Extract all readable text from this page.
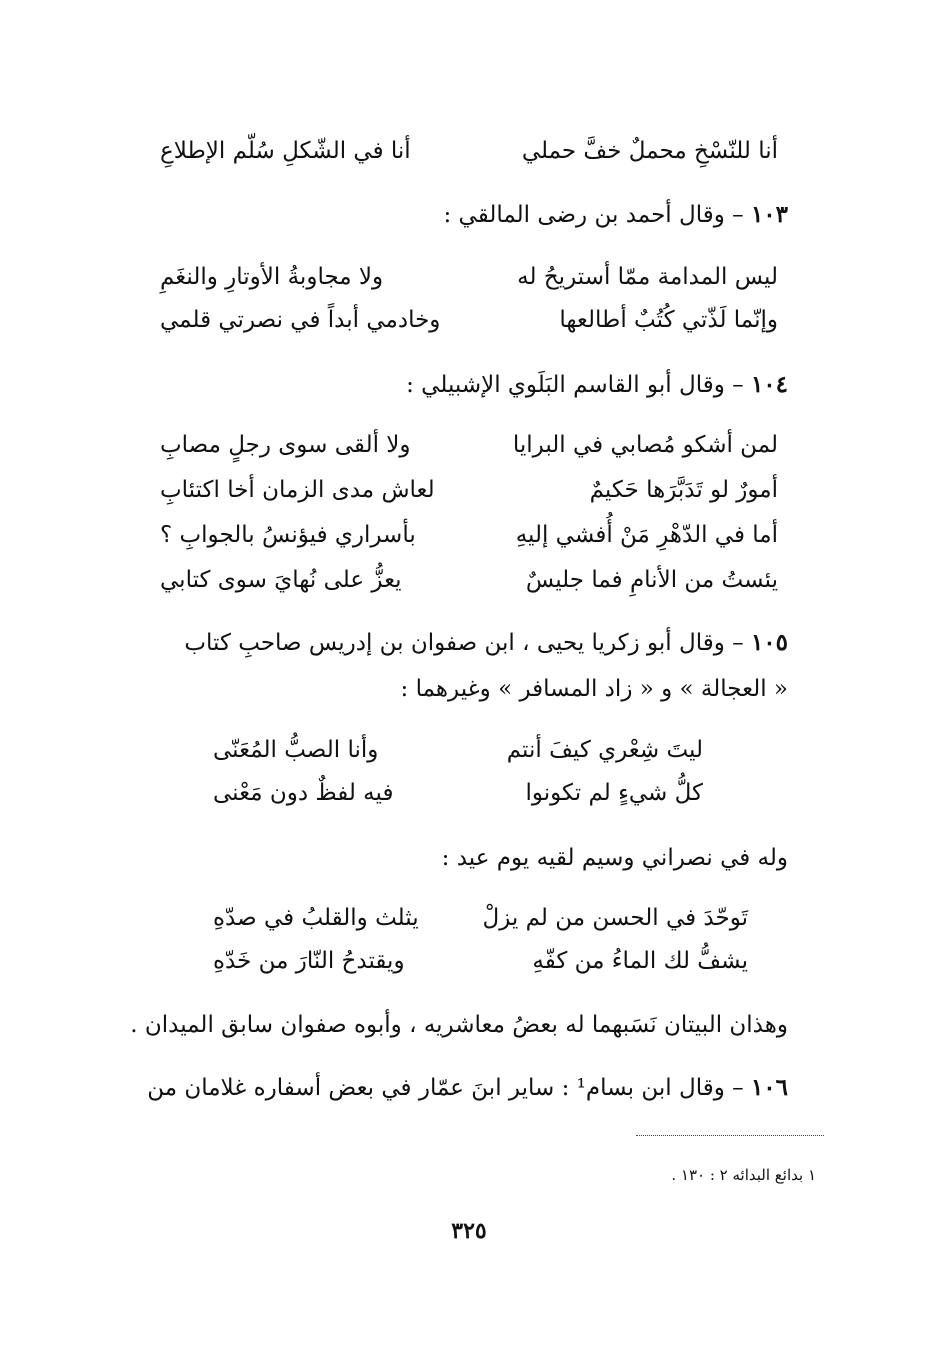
أنا للنّسْخِ محملٌ خفَّ حملي
أنا في الشّكلِ سُلّم الإطلاعِ
١٠٣ – وقال أحمد بن رضى المالقي :
ليس المدامة ممّا أستريحُ له
ولا مجاوبةُ الأوتارِ والنغَمِ
وإنّما لَذّتي كُتُبٌ أطالعها
وخادمي أبداً في نصرتي قلمي
١٠٤ – وقال أبو القاسم البَلَوي الإشبيلي :
لمن أشكو مُصابي في البرايا
ولا ألقى سوى رجلٍ مصابِ
أمورٌ لو تَدَبَّرَها حَكيمٌ
لعاش مدى الزمان أخا اكتئابِ
أما في الدّهْرِ مَنْ أُفشي إليهِ
بأسراري فيؤنسُ بالجوابِ ؟
يئستُ من الأنامِ فما جليسٌ
يعزُّ على نُهايَ سوى كتابي
١٠٥ – وقال أبو زكريا يحيى ، ابن صفوان بن إدريس صاحبِ كتاب
« العجالة » و « زاد المسافر » وغيرهما :
ليتَ شِعْري كيفَ أنتم
وأنا الصبُّ المُعَنّى
كلُّ شيءٍ لم تكونوا
فيه لفظٌ دون مَعْنى
وله في نصراني وسيم لقيه يوم عيد :
تَوحّدَ في الحسن من لم يزلْ
يثلث والقلبُ في صدّهِ
يشفُّ لك الماءُ من كفّهِ
ويقتدحُ النّارَ من خَدّهِ
وهذان البيتان نَسَبهما له بعضُ معاشريه ، وأبوه صفوان سابق الميدان .
١٠٦ – وقال ابن بسام¹ : ساير ابنَ عمّار في بعض أسفاره غلامان من
١ بدائع البدائه ٢ : ١٣٠ .
٣٢٥
